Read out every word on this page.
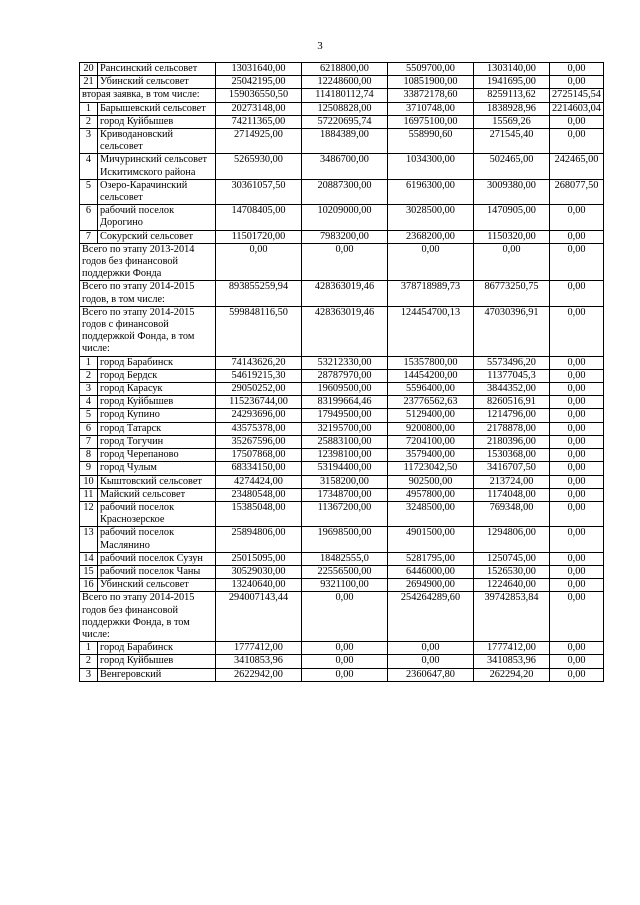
3
20	Рансинский сельсовет	13031640,00	6218800,00	5509700,00	1303140,00	0,00
21	Убинский сельсовет	25042195,00	12248600,00	10851900,00	1941695,00	0,00
вторая заявка, в том числе:		159036550,50	114180112,74	33872178,60	8259113,62	2725145,54
1	Барышевский сельсовет	20273148,00	12508828,00	3710748,00	1838928,96	2214603,04
2	город Куйбышев	74211365,00	57220695,74	16975100,00	15569,26	0,00
3	Криводановский сельсовет	2714925,00	1884389,00	558990,60	271545,40	0,00
4	Мичуринский сельсовет Искитимского района	5265930,00	3486700,00	1034300,00	502465,00	242465,00
5	Озеро-Карачинский сельсовет	30361057,50	20887300,00	6196300,00	3009380,00	268077,50
6	рабочий поселок Дорогино	14708405,00	10209000,00	3028500,00	1470905,00	0,00
7	Сокурский сельсовет	11501720,00	7983200,00	2368200,00	1150320,00	0,00
Всего по этапу 2013-2014 годов без финансовой поддержки Фонда		0,00	0,00	0,00	0,00	0,00
Всего по этапу 2014-2015 годов, в том числе:		893855259,94	428363019,46	378718989,73	86773250,75	0,00
Всего по этапу 2014-2015 годов с финансовой поддержкой Фонда, в том числе:		599848116,50	428363019,46	124454700,13	47030396,91	0,00
1	город Барабинск	74143626,20	53212330,00	15357800,00	5573496,20	0,00
2	город Бердск	54619215,30	28787970,00	14454200,00	11377045,3	0,00
3	город Карасук	29050252,00	19609500,00	5596400,00	3844352,00	0,00
4	город Куйбышев	115236744,00	83199664,46	23776562,63	8260516,91	0,00
5	город Купино	24293696,00	17949500,00	5129400,00	1214796,00	0,00
6	город Татарск	43575378,00	32195700,00	9200800,00	2178878,00	0,00
7	город Тогучин	35267596,00	25883100,00	7204100,00	2180396,00	0,00
8	город Черепаново	17507868,00	12398100,00	3579400,00	1530368,00	0,00
9	город Чулым	68334150,00	53194400,00	11723042,50	3416707,50	0,00
10	Кыштовский сельсовет	4274424,00	3158200,00	902500,00	213724,00	0,00
11	Майский сельсовет	23480548,00	17348700,00	4957800,00	1174048,00	0,00
12	рабочий поселок Краснозерское	15385048,00	11367200,00	3248500,00	769348,00	0,00
13	рабочий поселок Маслянино	25894806,00	19698500,00	4901500,00	1294806,00	0,00
14	рабочий поселок Сузун	25015095,00	18482555,0	5281795,00	1250745,00	0,00
15	рабочий поселок Чаны	30529030,00	22556500,00	6446000,00	1526530,00	0,00
16	Убинский сельсовет	13240640,00	9321100,00	2694900,00	1224640,00	0,00
Всего по этапу 2014-2015 годов без финансовой поддержки Фонда, в том числе:		294007143,44	0,00	254264289,60	39742853,84	0,00
1	город Барабинск	1777412,00	0,00	0,00	1777412,00	0,00
2	город Куйбышев	3410853,96	0,00	0,00	3410853,96	0,00
3	Венгеровский	2622942,00	0,00	2360647,80	262294,20	0,00
